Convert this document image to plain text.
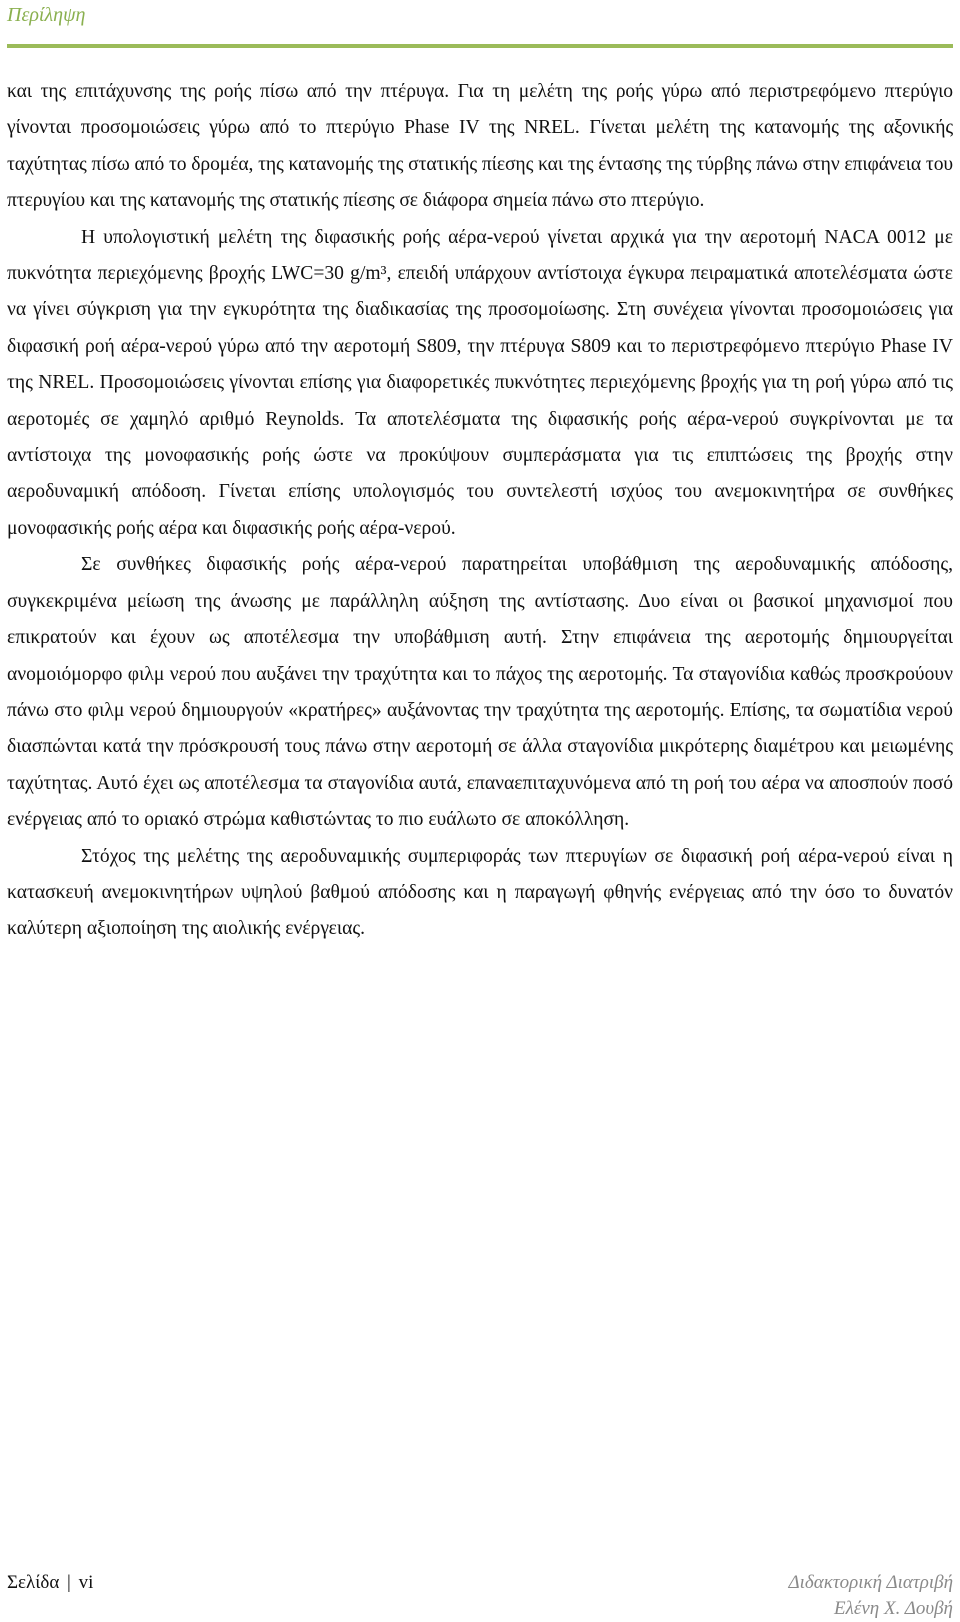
Περίληψη

και της επιτάχυνσης της ροής πίσω από την πτέρυγα. Για τη μελέτη της ροής γύρω από περιστρεφόμενο πτερύγιο γίνονται προσομοιώσεις γύρω από το πτερύγιο Phase IV της NREL. Γίνεται μελέτη της κατανομής της αξονικής ταχύτητας πίσω από το δρομέα, της κατανομής της στατικής πίεσης και της έντασης της τύρβης πάνω στην επιφάνεια του πτερυγίου και της κατανομής της στατικής πίεσης σε διάφορα σημεία πάνω στο πτερύγιο.

Η υπολογιστική μελέτη της διφασικής ροής αέρα-νερού γίνεται αρχικά για την αεροτομή NACA 0012 με πυκνότητα περιεχόμενης βροχής LWC=30 g/m³, επειδή υπάρχουν αντίστοιχα έγκυρα πειραματικά αποτελέσματα ώστε να γίνει σύγκριση για την εγκυρότητα της διαδικασίας της προσομοίωσης. Στη συνέχεια γίνονται προσομοιώσεις για διφασική ροή αέρα-νερού γύρω από την αεροτομή S809, την πτέρυγα S809 και το περιστρεφόμενο πτερύγιο Phase IV της NREL. Προσομοιώσεις γίνονται επίσης για διαφορετικές πυκνότητες περιεχόμενης βροχής για τη ροή γύρω από τις αεροτομές σε χαμηλό αριθμό Reynolds. Τα αποτελέσματα της διφασικής ροής αέρα-νερού συγκρίνονται με τα αντίστοιχα της μονοφασικής ροής ώστε να προκύψουν συμπεράσματα για τις επιπτώσεις της βροχής στην αεροδυναμική απόδοση. Γίνεται επίσης υπολογισμός του συντελεστή ισχύος του ανεμοκινητήρα σε συνθήκες μονοφασικής ροής αέρα και διφασικής ροής αέρα-νερού.

Σε συνθήκες διφασικής ροής αέρα-νερού παρατηρείται υποβάθμιση της αεροδυναμικής απόδοσης, συγκεκριμένα μείωση της άνωσης με παράλληλη αύξηση της αντίστασης. Δυο είναι οι βασικοί μηχανισμοί που επικρατούν και έχουν ως αποτέλεσμα την υποβάθμιση αυτή. Στην επιφάνεια της αεροτομής δημιουργείται ανομοιόμορφο φιλμ νερού που αυξάνει την τραχύτητα και το πάχος της αεροτομής. Τα σταγονίδια καθώς προσκρούουν πάνω στο φιλμ νερού δημιουργούν «κρατήρες» αυξάνοντας την τραχύτητα της αεροτομής. Επίσης, τα σωματίδια νερού διασπώνται κατά την πρόσκρουσή τους πάνω στην αεροτομή σε άλλα σταγονίδια μικρότερης διαμέτρου και μειωμένης ταχύτητας. Αυτό έχει ως αποτέλεσμα τα σταγονίδια αυτά, επαναεπιταχυνόμενα από τη ροή του αέρα να αποσπούν ποσό ενέργειας από το οριακό στρώμα καθιστώντας το πιο ευάλωτο σε αποκόλληση.

Στόχος της μελέτης της αεροδυναμικής συμπεριφοράς των πτερυγίων σε διφασική ροή αέρα-νερού είναι η κατασκευή ανεμοκινητήρων υψηλού βαθμού απόδοσης και η παραγωγή φθηνής ενέργειας από την όσο το δυνατόν καλύτερη αξιοποίηση της αιολικής ενέργειας.

Σελίδα | vi	Διδακτορική Διατριβή
Ελένη Χ. Δουβή
